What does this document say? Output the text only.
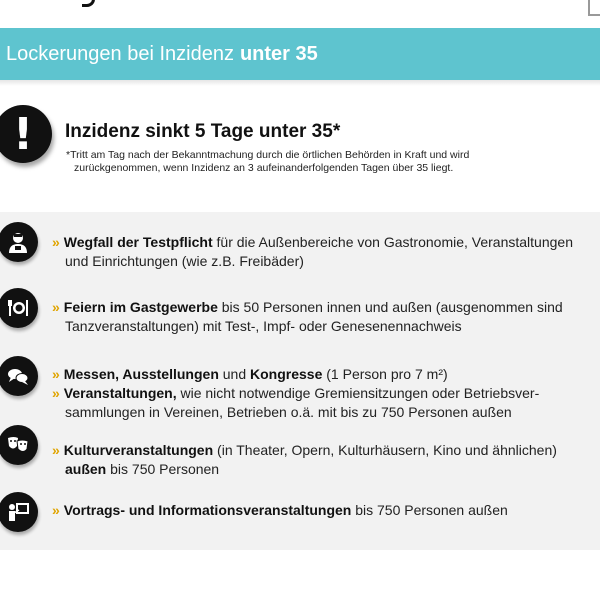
Lockerungen bei Inzidenz unter 35
!	Inzidenz sinkt 5 Tage unter 35*
*Tritt am Tag nach der Bekanntmachung durch die örtlichen Behörden in Kraft und wird
zurückgenommen, wenn Inzidenz an 3 aufeinanderfolgenden Tagen über 35 liegt.
» Wegfall der Testpflicht für die Außenbereiche von Gastronomie, Veranstaltungen
und Einrichtungen (wie z.B. Freibäder)
» Feiern im Gastgewerbe bis 50 Personen innen und außen (ausgenommen sind
Tanzveranstaltungen) mit Test-, Impf- oder Genesenennachweis
» Messen, Ausstellungen und Kongresse (1 Person pro 7 m²)
» Veranstaltungen, wie nicht notwendige Gremiensitzungen oder Betriebsver-
sammlungen in Vereinen, Betrieben o.ä. mit bis zu 750 Personen außen
» Kulturveranstaltungen (in Theater, Opern, Kulturhäusern, Kino und ähnlichen)
außen bis 750 Personen
» Vortrags- und Informationsveranstaltungen bis 750 Personen außen
